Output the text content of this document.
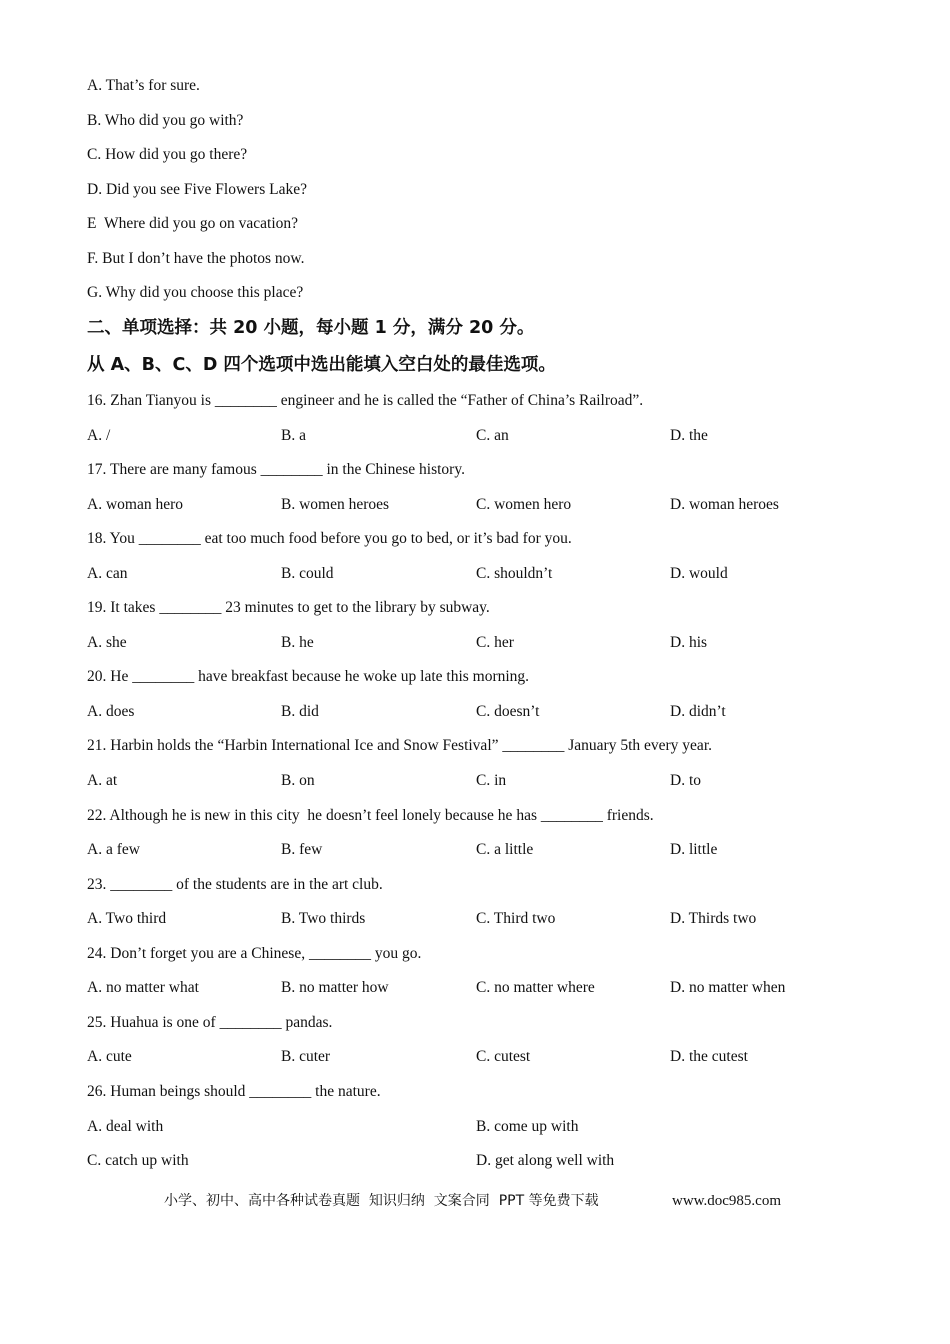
A. That’s for sure.
B. Who did you go with?
C. How did you go there?
D. Did you see Five Flowers Lake?
E  Where did you go on vacation?
F. But I don’t have the photos now.
G. Why did you choose this place?
二、单项选择：共 20 小题，每小题 1 分，满分 20 分。
从 A、B、C、D 四个选项中选出能填入空白处的最佳选项。
16. Zhan Tianyou is ________ engineer and he is called the “Father of China’s Railroad”.
A. /	B. a	C. an	D. the
17. There are many famous ________ in the Chinese history.
A. woman hero	B. women heroes	C. women hero	D. woman heroes
18. You ________ eat too much food before you go to bed, or it’s bad for you.
A. can	B. could	C. shouldn’t	D. would
19. It takes ________ 23 minutes to get to the library by subway.
A. she	B. he	C. her	D. his
20. He ________ have breakfast because he woke up late this morning.
A. does	B. did	C. doesn’t	D. didn’t
21. Harbin holds the “Harbin International Ice and Snow Festival” ________ January 5th every year.
A. at	B. on	C. in	D. to
22. Although he is new in this city  he doesn’t feel lonely because he has ________ friends.
A. a few	B. few	C. a little	D. little
23. ________ of the students are in the art club.
A. Two third	B. Two thirds	C. Third two	D. Thirds two
24. Don’t forget you are a Chinese, ________ you go.
A. no matter what	B. no matter how	C. no matter where	D. no matter when
25. Huahua is one of ________ pandas.
A. cute	B. cuter	C. cutest	D. the cutest
26. Human beings should ________ the nature.
A. deal with	B. come up with
C. catch up with	D. get along well with
小学、初中、高中各种试卷真题  知识归纳  文案合同  PPT 等免费下载	www.doc985.com
